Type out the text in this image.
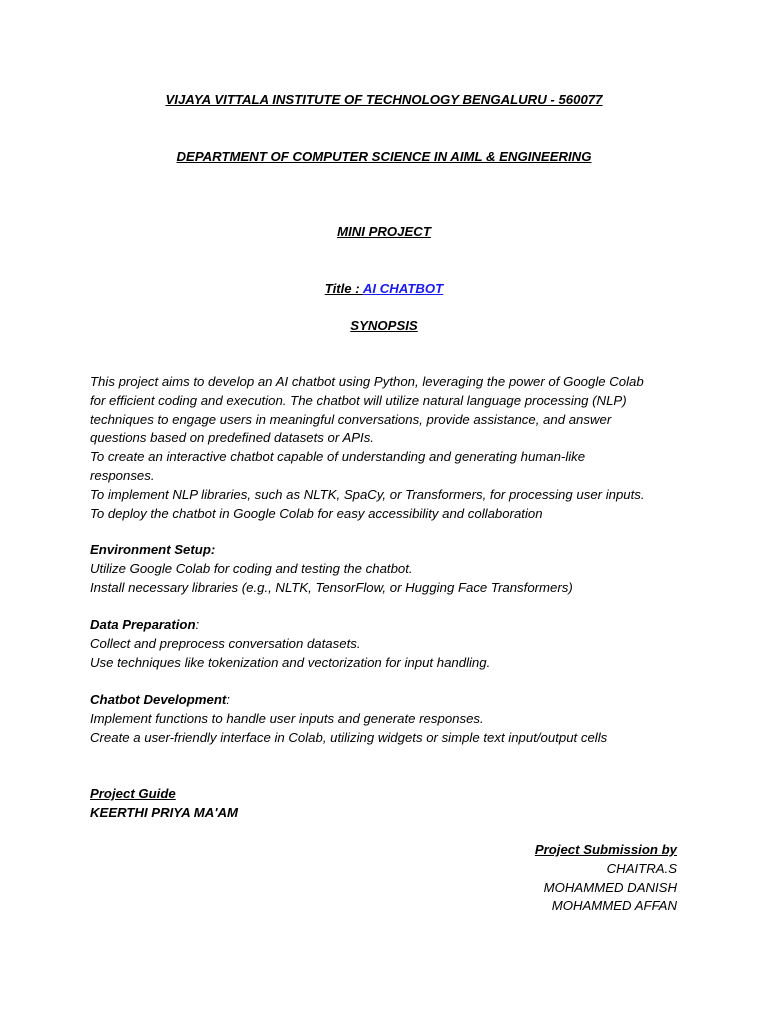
VIJAYA VITTALA INSTITUTE OF TECHNOLOGY BENGALURU - 560077
DEPARTMENT OF COMPUTER SCIENCE IN AIML & ENGINEERING
MINI PROJECT
Title : AI CHATBOT
SYNOPSIS
This project aims to develop an AI chatbot using Python, leveraging the power of Google Colab
for efficient coding and execution. The chatbot will utilize natural language processing (NLP)
techniques to engage users in meaningful conversations, provide assistance, and answer
questions based on predefined datasets or APIs.
To create an interactive chatbot capable of understanding and generating human-like
responses.
To implement NLP libraries, such as NLTK, SpaCy, or Transformers, for processing user inputs.
To deploy the chatbot in Google Colab for easy accessibility and collaboration
Environment Setup:
Utilize Google Colab for coding and testing the chatbot.
Install necessary libraries (e.g., NLTK, TensorFlow, or Hugging Face Transformers)
Data Preparation:
Collect and preprocess conversation datasets.
Use techniques like tokenization and vectorization for input handling.
Chatbot Development:
Implement functions to handle user inputs and generate responses.
Create a user-friendly interface in Colab, utilizing widgets or simple text input/output cells
Project Guide
KEERTHI PRIYA MA'AM
Project Submission by
CHAITRA.S
MOHAMMED DANISH
MOHAMMED AFFAN
